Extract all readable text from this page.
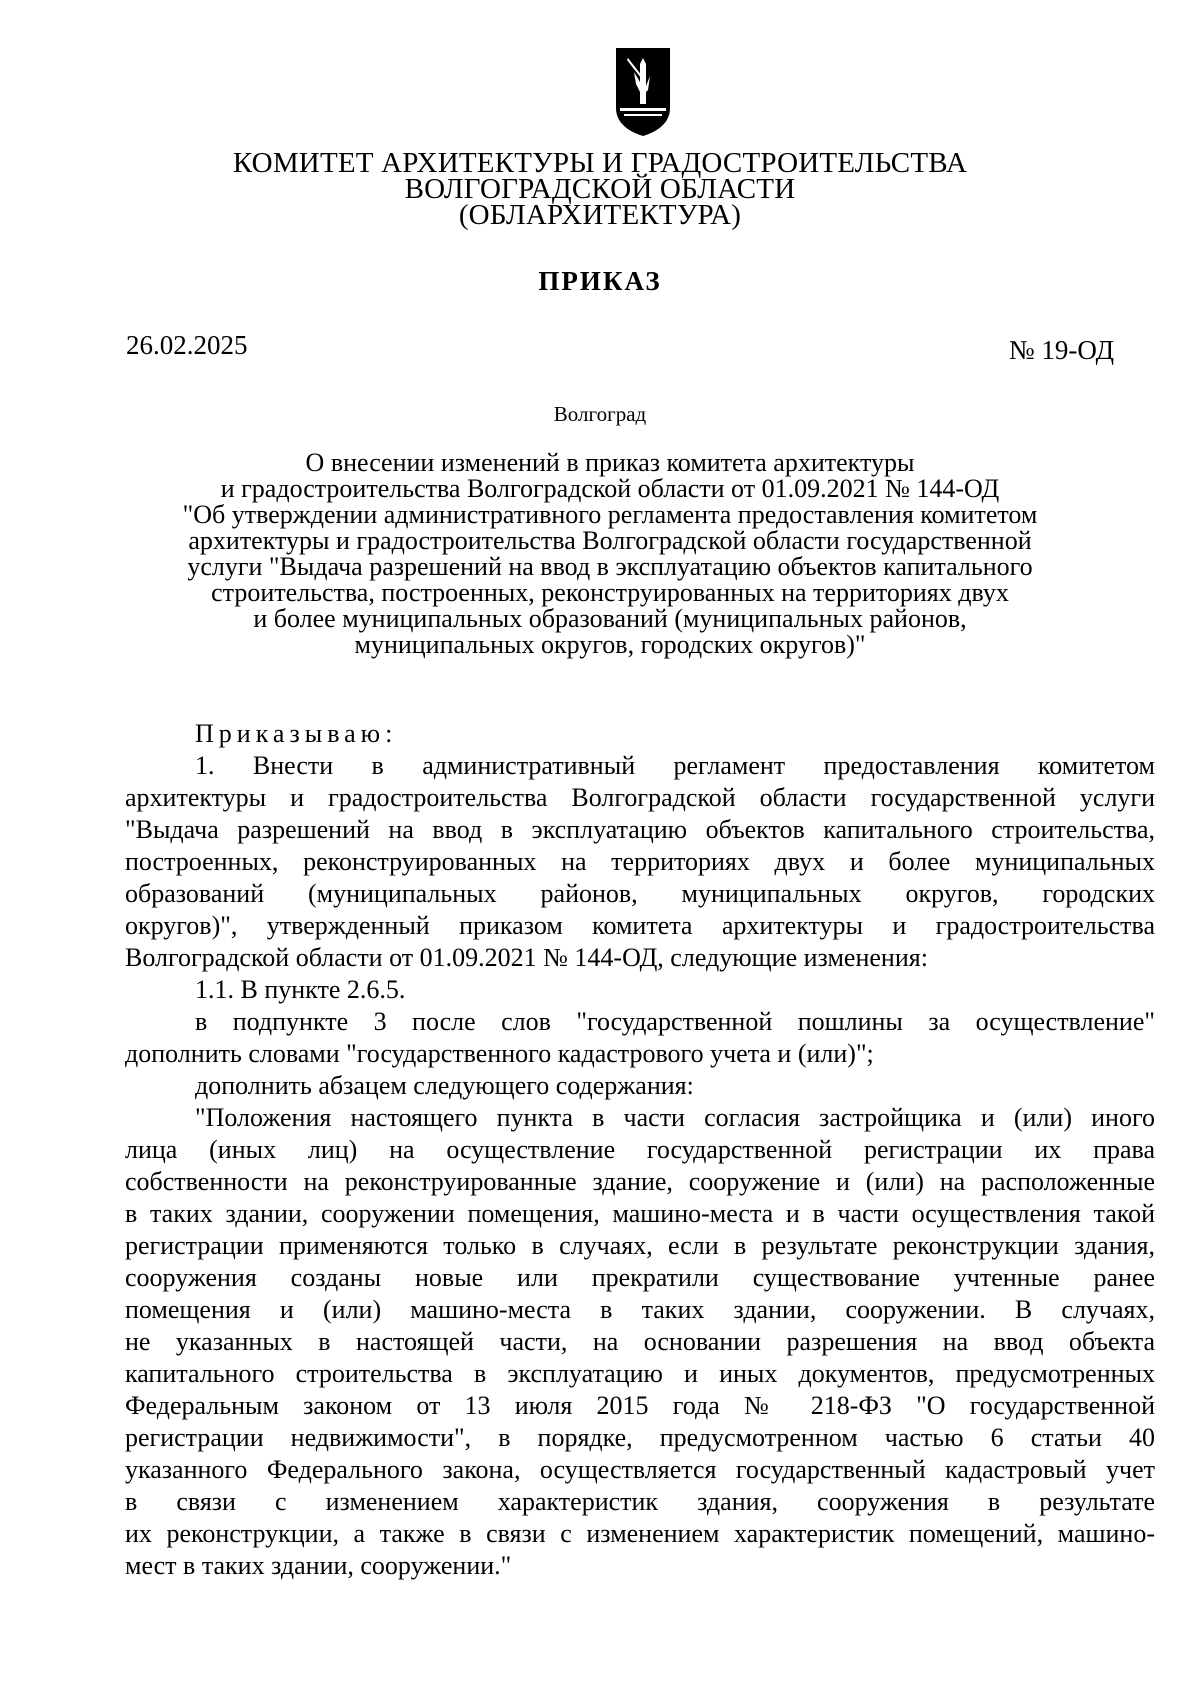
КОМИТЕТ АРХИТЕКТУРЫ И ГРАДОСТРОИТЕЛЬСТВА
ВОЛГОГРАДСКОЙ ОБЛАСТИ
(ОБЛАРХИТЕКТУРА)
ПРИКАЗ
26.02.2025	№ 19-ОД
Волгоград
О внесении изменений в приказ комитета архитектуры
и градостроительства Волгоградской области от 01.09.2021 № 144-ОД
"Об утверждении административного регламента предоставления комитетом
архитектуры и градостроительства Волгоградской области государственной
услуги "Выдача разрешений на ввод в эксплуатацию объектов капитального
строительства, построенных, реконструированных на территориях двух
и более муниципальных образований (муниципальных районов,
муниципальных округов, городских округов)"
Приказываю:
1. Внести в административный регламент предоставления комитетом
архитектуры и градостроительства Волгоградской области государственной услуги
"Выдача разрешений на ввод в эксплуатацию объектов капитального строительства,
построенных, реконструированных на территориях двух и более муниципальных
образований (муниципальных районов, муниципальных округов, городских
округов)", утвержденный приказом комитета архитектуры и градостроительства
Волгоградской области от 01.09.2021 № 144-ОД, следующие изменения:
1.1. В пункте 2.6.5.
в подпункте 3 после слов "государственной пошлины за осуществление"
дополнить словами "государственного кадастрового учета и (или)";
дополнить абзацем следующего содержания:
"Положения настоящего пункта в части согласия застройщика и (или) иного
лица (иных лиц) на осуществление государственной регистрации их права
собственности на реконструированные здание, сооружение и (или) на расположенные
в таких здании, сооружении помещения, машино-места и в части осуществления такой
регистрации применяются только в случаях, если в результате реконструкции здания,
сооружения созданы новые или прекратили существование учтенные ранее
помещения и (или) машино-места в таких здании, сооружении. В случаях,
не указанных в настоящей части, на основании разрешения на ввод объекта
капитального строительства в эксплуатацию и иных документов, предусмотренных
Федеральным законом от 13 июля 2015 года № 218-ФЗ "О государственной
регистрации недвижимости", в порядке, предусмотренном частью 6 статьи 40
указанного Федерального закона, осуществляется государственный кадастровый учет
в связи с изменением характеристик здания, сооружения в результате
их реконструкции, а также в связи с изменением характеристик помещений, машино-
мест в таких здании, сооружении."
